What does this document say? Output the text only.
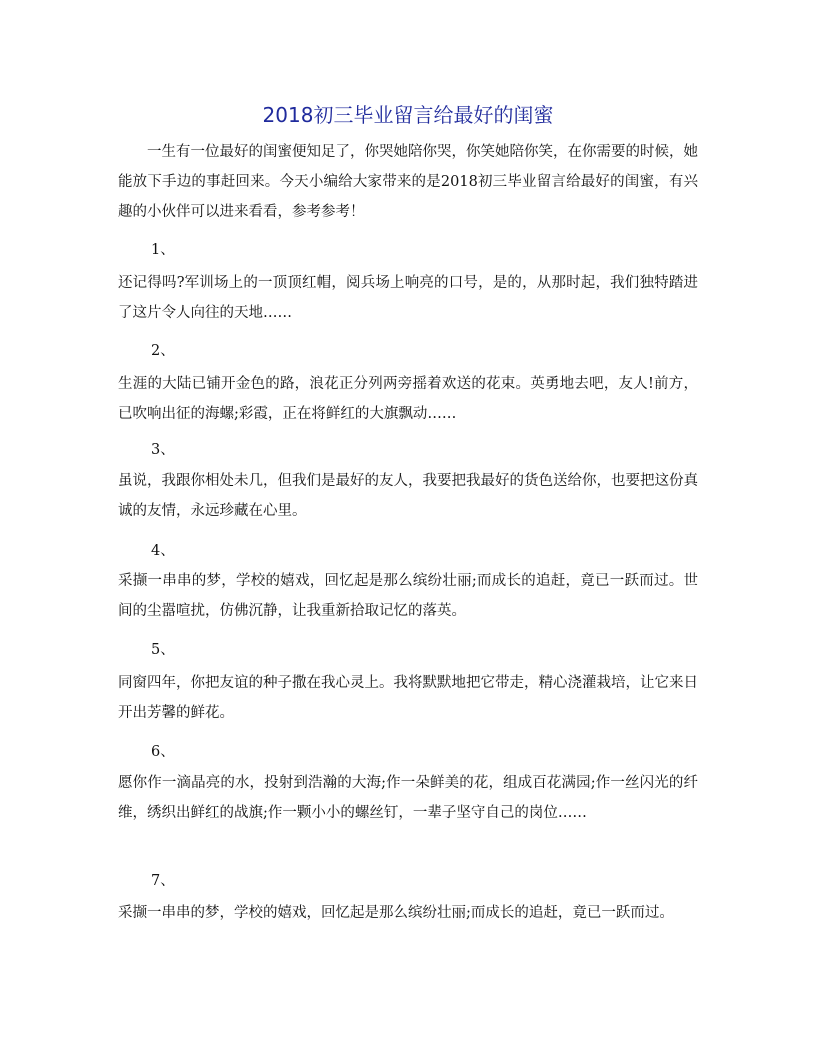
2018初三毕业留言给最好的闺蜜

一生有一位最好的闺蜜便知足了，你哭她陪你哭，你笑她陪你笑，在你需要的时候，她能放下手边的事赶回来。今天小编给大家带来的是2018初三毕业留言给最好的闺蜜，有兴趣的小伙伴可以进来看看，参考参考！

1、

还记得吗?军训场上的一顶顶红帽，阅兵场上响亮的口号，是的，从那时起，我们独特踏进了这片令人向往的天地……

2、

生涯的大陆已铺开金色的路，浪花正分列两旁摇着欢送的花束。英勇地去吧，友人!前方，已吹响出征的海螺;彩霞，正在将鲜红的大旗飘动……

3、

虽说，我跟你相处未几，但我们是最好的友人，我要把我最好的货色送给你，也要把这份真诚的友情，永远珍藏在心里。

4、

采撷一串串的梦，学校的嬉戏，回忆起是那么缤纷壮丽;而成长的追赶，竟已一跃而过。世间的尘嚣喧扰，仿佛沉静，让我重新拾取记忆的落英。

5、

同窗四年，你把友谊的种子撒在我心灵上。我将默默地把它带走，精心浇灌栽培，让它来日开出芳馨的鲜花。

6、

愿你作一滴晶亮的水，投射到浩瀚的大海;作一朵鲜美的花，组成百花满园;作一丝闪光的纤维，绣织出鲜红的战旗;作一颗小小的螺丝钉，一辈子坚守自己的岗位……

7、

采撷一串串的梦，学校的嬉戏，回忆起是那么缤纷壮丽;而成长的追赶，竟已一跃而过。
